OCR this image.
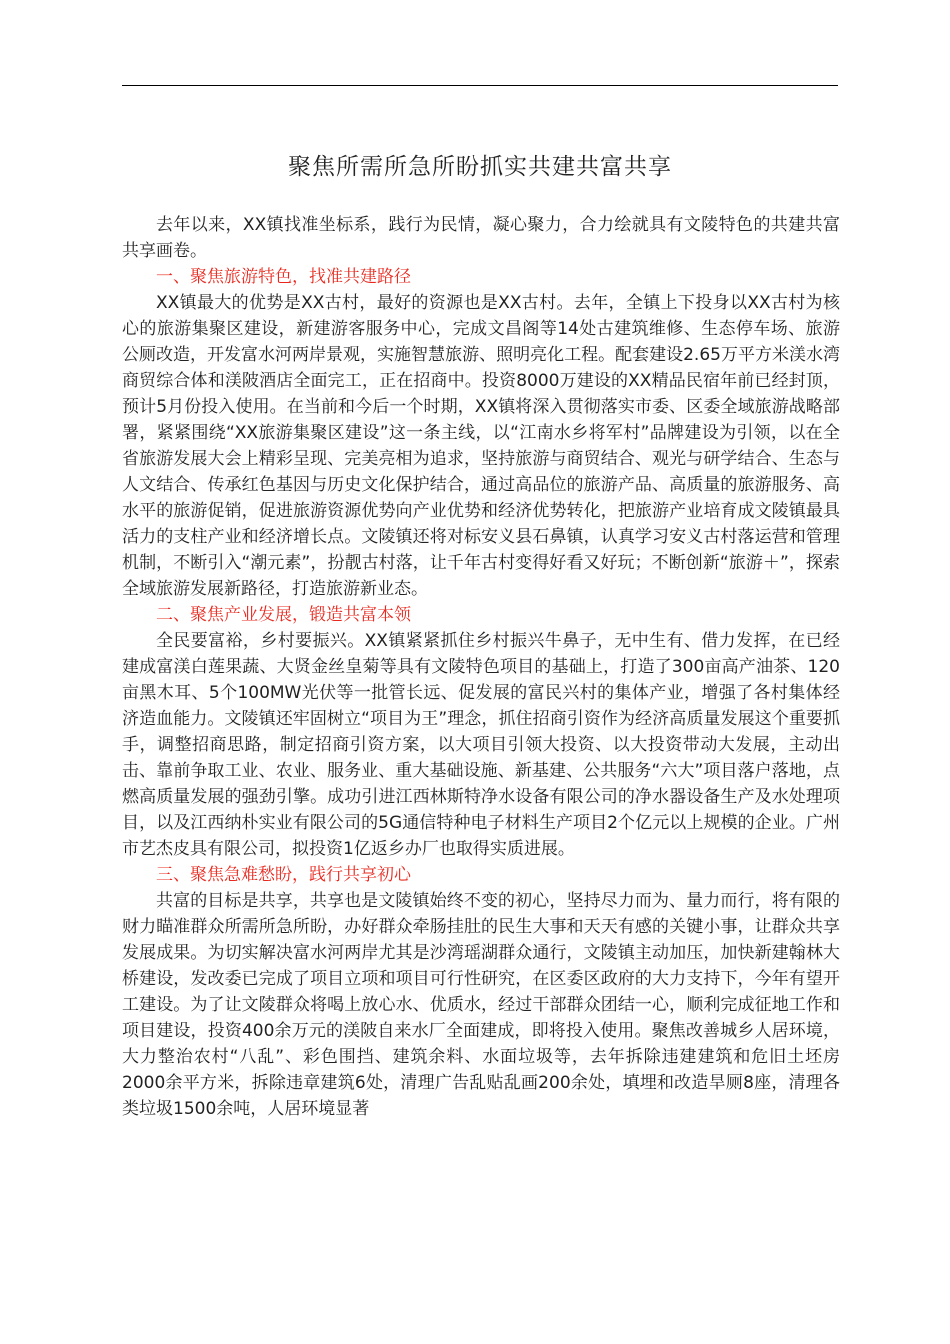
聚焦所需所急所盼抓实共建共富共享

去年以来，XX镇找准坐标系，践行为民情，凝心聚力，合力绘就具有文陵特色的共建共富共享画卷。

一、聚焦旅游特色，找准共建路径

XX镇最大的优势是XX古村，最好的资源也是XX古村。去年，全镇上下投身以XX古村为核心的旅游集聚区建设，新建游客服务中心，完成文昌阁等14处古建筑维修、生态停车场、旅游公厕改造，开发富水河两岸景观，实施智慧旅游、照明亮化工程。配套建设2.65万平方米渼水湾商贸综合体和渼陂酒店全面完工，正在招商中。投资8000万建设的XX精品民宿年前已经封顶，预计5月份投入使用。在当前和今后一个时期，XX镇将深入贯彻落实市委、区委全域旅游战略部署，紧紧围绕“XX旅游集聚区建设”这一条主线，以“江南水乡将军村”品牌建设为引领，以在全省旅游发展大会上精彩呈现、完美亮相为追求，坚持旅游与商贸结合、观光与研学结合、生态与人文结合、传承红色基因与历史文化保护结合，通过高品位的旅游产品、高质量的旅游服务、高水平的旅游促销，促进旅游资源优势向产业优势和经济优势转化，把旅游产业培育成文陵镇最具活力的支柱产业和经济增长点。文陵镇还将对标安义县石鼻镇，认真学习安义古村落运营和管理机制，不断引入“潮元素”，扮靓古村落，让千年古村变得好看又好玩；不断创新“旅游＋”，探索全域旅游发展新路径，打造旅游新业态。

二、聚焦产业发展，锻造共富本领

全民要富裕，乡村要振兴。XX镇紧紧抓住乡村振兴牛鼻子，无中生有、借力发挥，在已经建成富渼白莲果蔬、大贤金丝皇菊等具有文陵特色项目的基础上，打造了300亩高产油茶、120亩黑木耳、5个100MW光伏等一批管长远、促发展的富民兴村的集体产业，增强了各村集体经济造血能力。文陵镇还牢固树立“项目为王”理念，抓住招商引资作为经济高质量发展这个重要抓手，调整招商思路，制定招商引资方案，以大项目引领大投资、以大投资带动大发展，主动出击、靠前争取工业、农业、服务业、重大基础设施、新基建、公共服务“六大”项目落户落地，点燃高质量发展的强劲引擎。成功引进江西林斯特净水设备有限公司的净水器设备生产及水处理项目，以及江西纳朴实业有限公司的5G通信特种电子材料生产项目2个亿元以上规模的企业。广州市艺杰皮具有限公司，拟投资1亿返乡办厂也取得实质进展。

三、聚焦急难愁盼，践行共享初心

共富的目标是共享，共享也是文陵镇始终不变的初心，坚持尽力而为、量力而行，将有限的财力瞄准群众所需所急所盼，办好群众牵肠挂肚的民生大事和天天有感的关键小事，让群众共享发展成果。为切实解决富水河两岸尤其是沙湾瑶湖群众通行，文陵镇主动加压，加快新建翰林大桥建设，发改委已完成了项目立项和项目可行性研究，在区委区政府的大力支持下，今年有望开工建设。为了让文陵群众将喝上放心水、优质水，经过干部群众团结一心，顺利完成征地工作和项目建设，投资400余万元的渼陂自来水厂全面建成，即将投入使用。聚焦改善城乡人居环境，大力整治农村“八乱”、彩色围挡、建筑余料、水面垃圾等，去年拆除违建建筑和危旧土坯房2000余平方米，拆除违章建筑6处，清理广告乱贴乱画200余处，填埋和改造旱厕8座，清理各类垃圾1500余吨，人居环境显著
